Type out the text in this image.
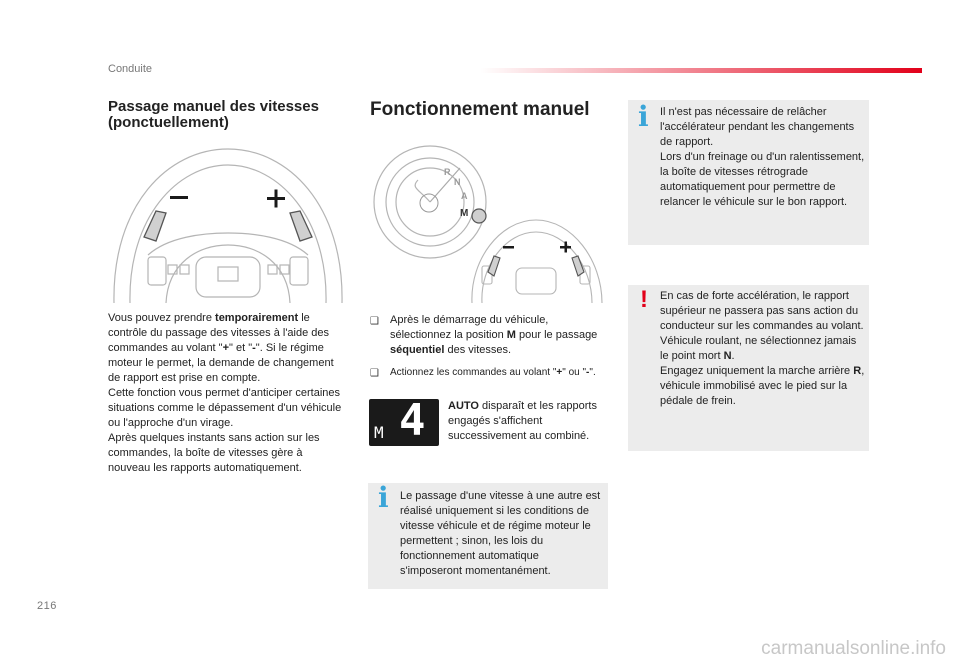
Conduite
Passage manuel des vitesses
(ponctuellement)
Vous pouvez prendre temporairement le contrôle du passage des vitesses à l'aide des commandes au volant "+" et "-". Si le régime moteur le permet, la demande de changement de rapport est prise en compte.
Cette fonction vous permet d'anticiper certaines situations comme le dépassement d'un véhicule ou l'approche d'un virage.
Après quelques instants sans action sur les commandes, la boîte de vitesses gère à nouveau les rapports automatiquement.
Fonctionnement manuel
R
N
A
M
❑ Après le démarrage du véhicule, sélectionnez la position M pour le passage séquentiel des vitesses.
❑	Actionnez les commandes au volant "+" ou "-".
M 4 AUTO disparaît et les rapports engagés s'affichent successivement au combiné.
i Le passage d'une vitesse à une autre est réalisé uniquement si les conditions de vitesse véhicule et de régime moteur le permettent ; sinon, les lois du fonctionnement automatique s'imposeront momentanément.
i Il n'est pas nécessaire de relâcher l'accélérateur pendant les changements de rapport.
Lors d'un freinage ou d'un ralentissement, la boîte de vitesses rétrograde automatiquement pour permettre de relancer le véhicule sur le bon rapport.
! En cas de forte accélération, le rapport supérieur ne passera pas sans action du conducteur sur les commandes au volant.
Véhicule roulant, ne sélectionnez jamais le point mort N.
Engagez uniquement la marche arrière R, véhicule immobilisé avec le pied sur la pédale de frein.
216
carmanualsonline.info
